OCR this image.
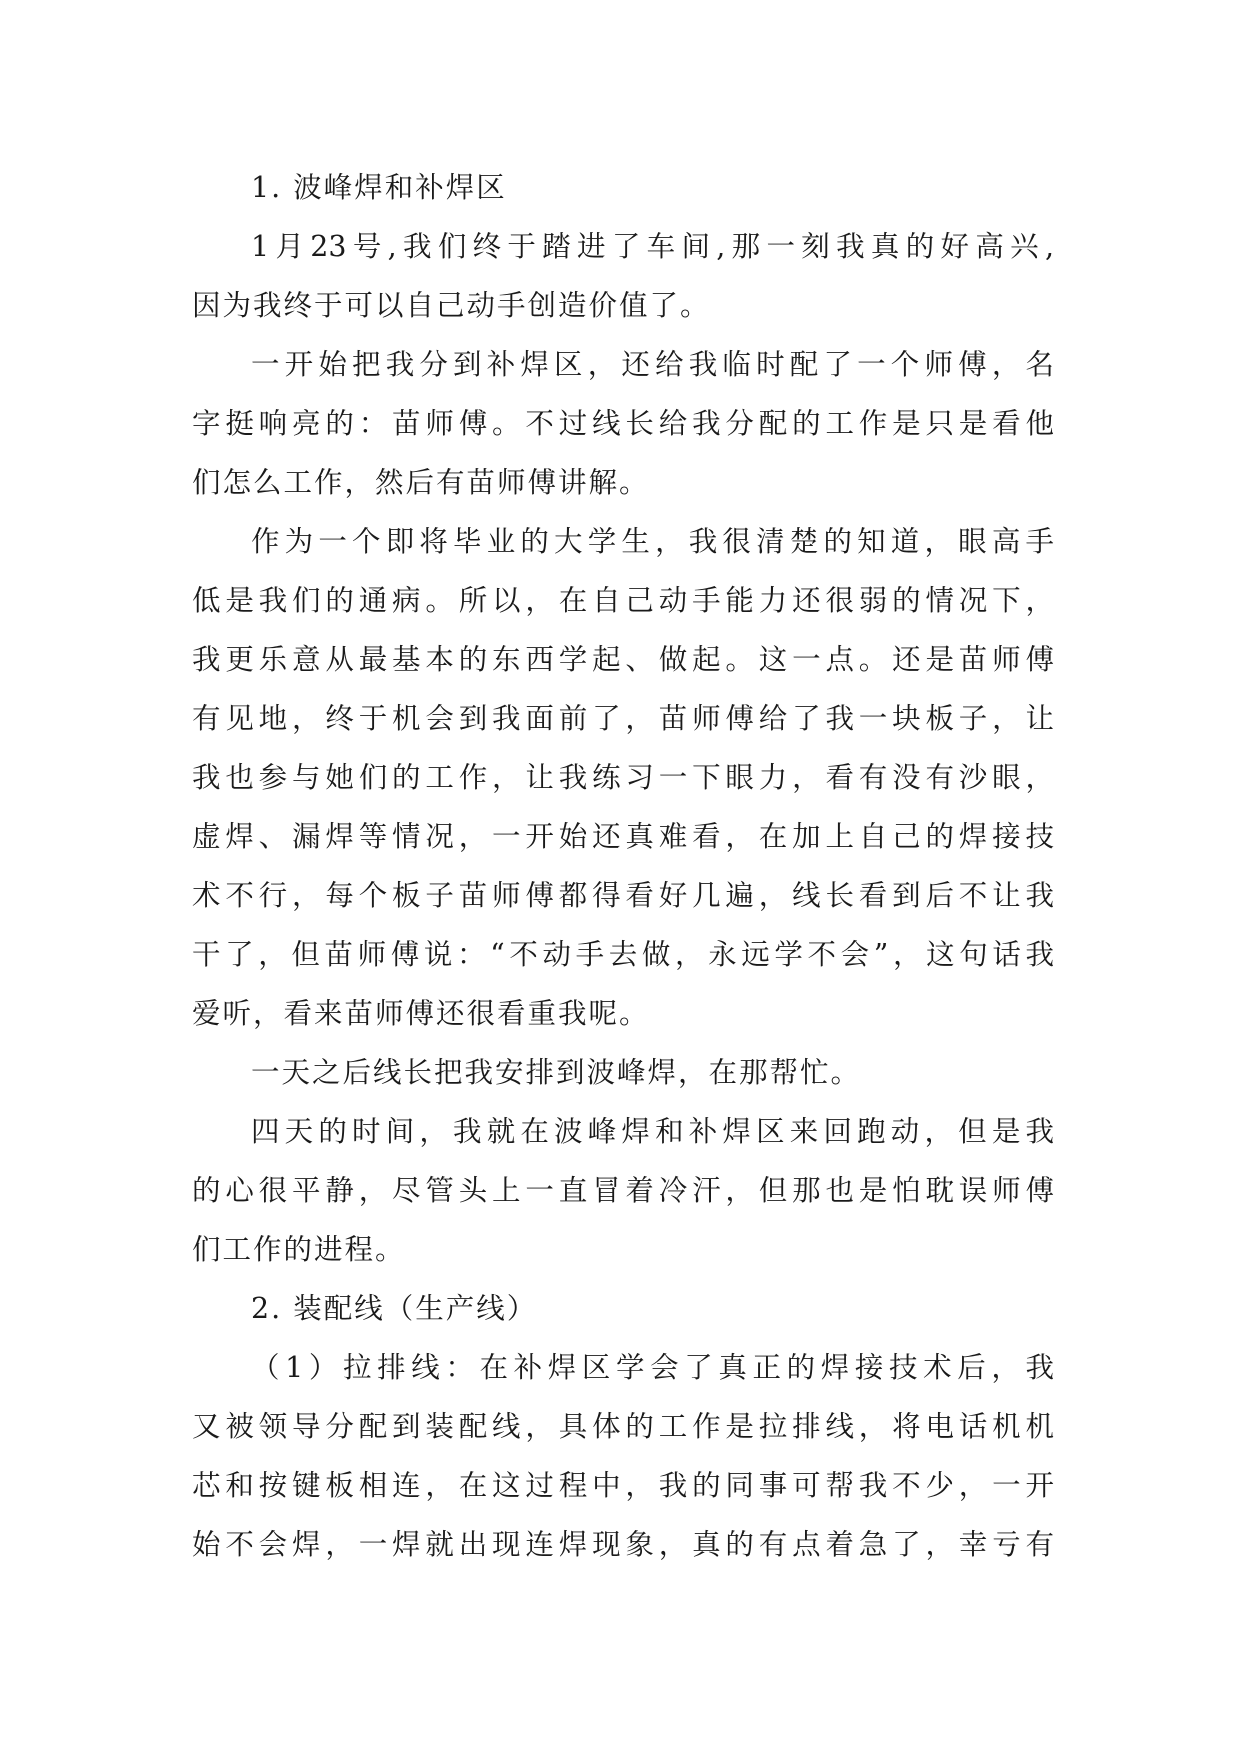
1. 波峰焊和补焊区
1月23号,我们终于踏进了车间,那一刻我真的好高兴,
因为我终于可以自己动手创造价值了。
一开始把我分到补焊区，还给我临时配了一个师傅，名
字挺响亮的：苗师傅。不过线长给我分配的工作是只是看他
们怎么工作，然后有苗师傅讲解。
作为一个即将毕业的大学生，我很清楚的知道，眼高手
低是我们的通病。所以，在自己动手能力还很弱的情况下，
我更乐意从最基本的东西学起、做起。这一点。还是苗师傅
有见地，终于机会到我面前了，苗师傅给了我一块板子，让
我也参与她们的工作，让我练习一下眼力，看有没有沙眼，
虚焊、漏焊等情况，一开始还真难看，在加上自己的焊接技
术不行，每个板子苗师傅都得看好几遍，线长看到后不让我
干了，但苗师傅说：“不动手去做，永远学不会”，这句话我
爱听，看来苗师傅还很看重我呢。
一天之后线长把我安排到波峰焊，在那帮忙。
四天的时间，我就在波峰焊和补焊区来回跑动，但是我
的心很平静，尽管头上一直冒着冷汗，但那也是怕耽误师傅
们工作的进程。
2. 装配线（生产线）
（1）拉排线：在补焊区学会了真正的焊接技术后，我
又被领导分配到装配线，具体的工作是拉排线，将电话机机
芯和按键板相连，在这过程中，我的同事可帮我不少，一开
始不会焊，一焊就出现连焊现象，真的有点着急了，幸亏有
